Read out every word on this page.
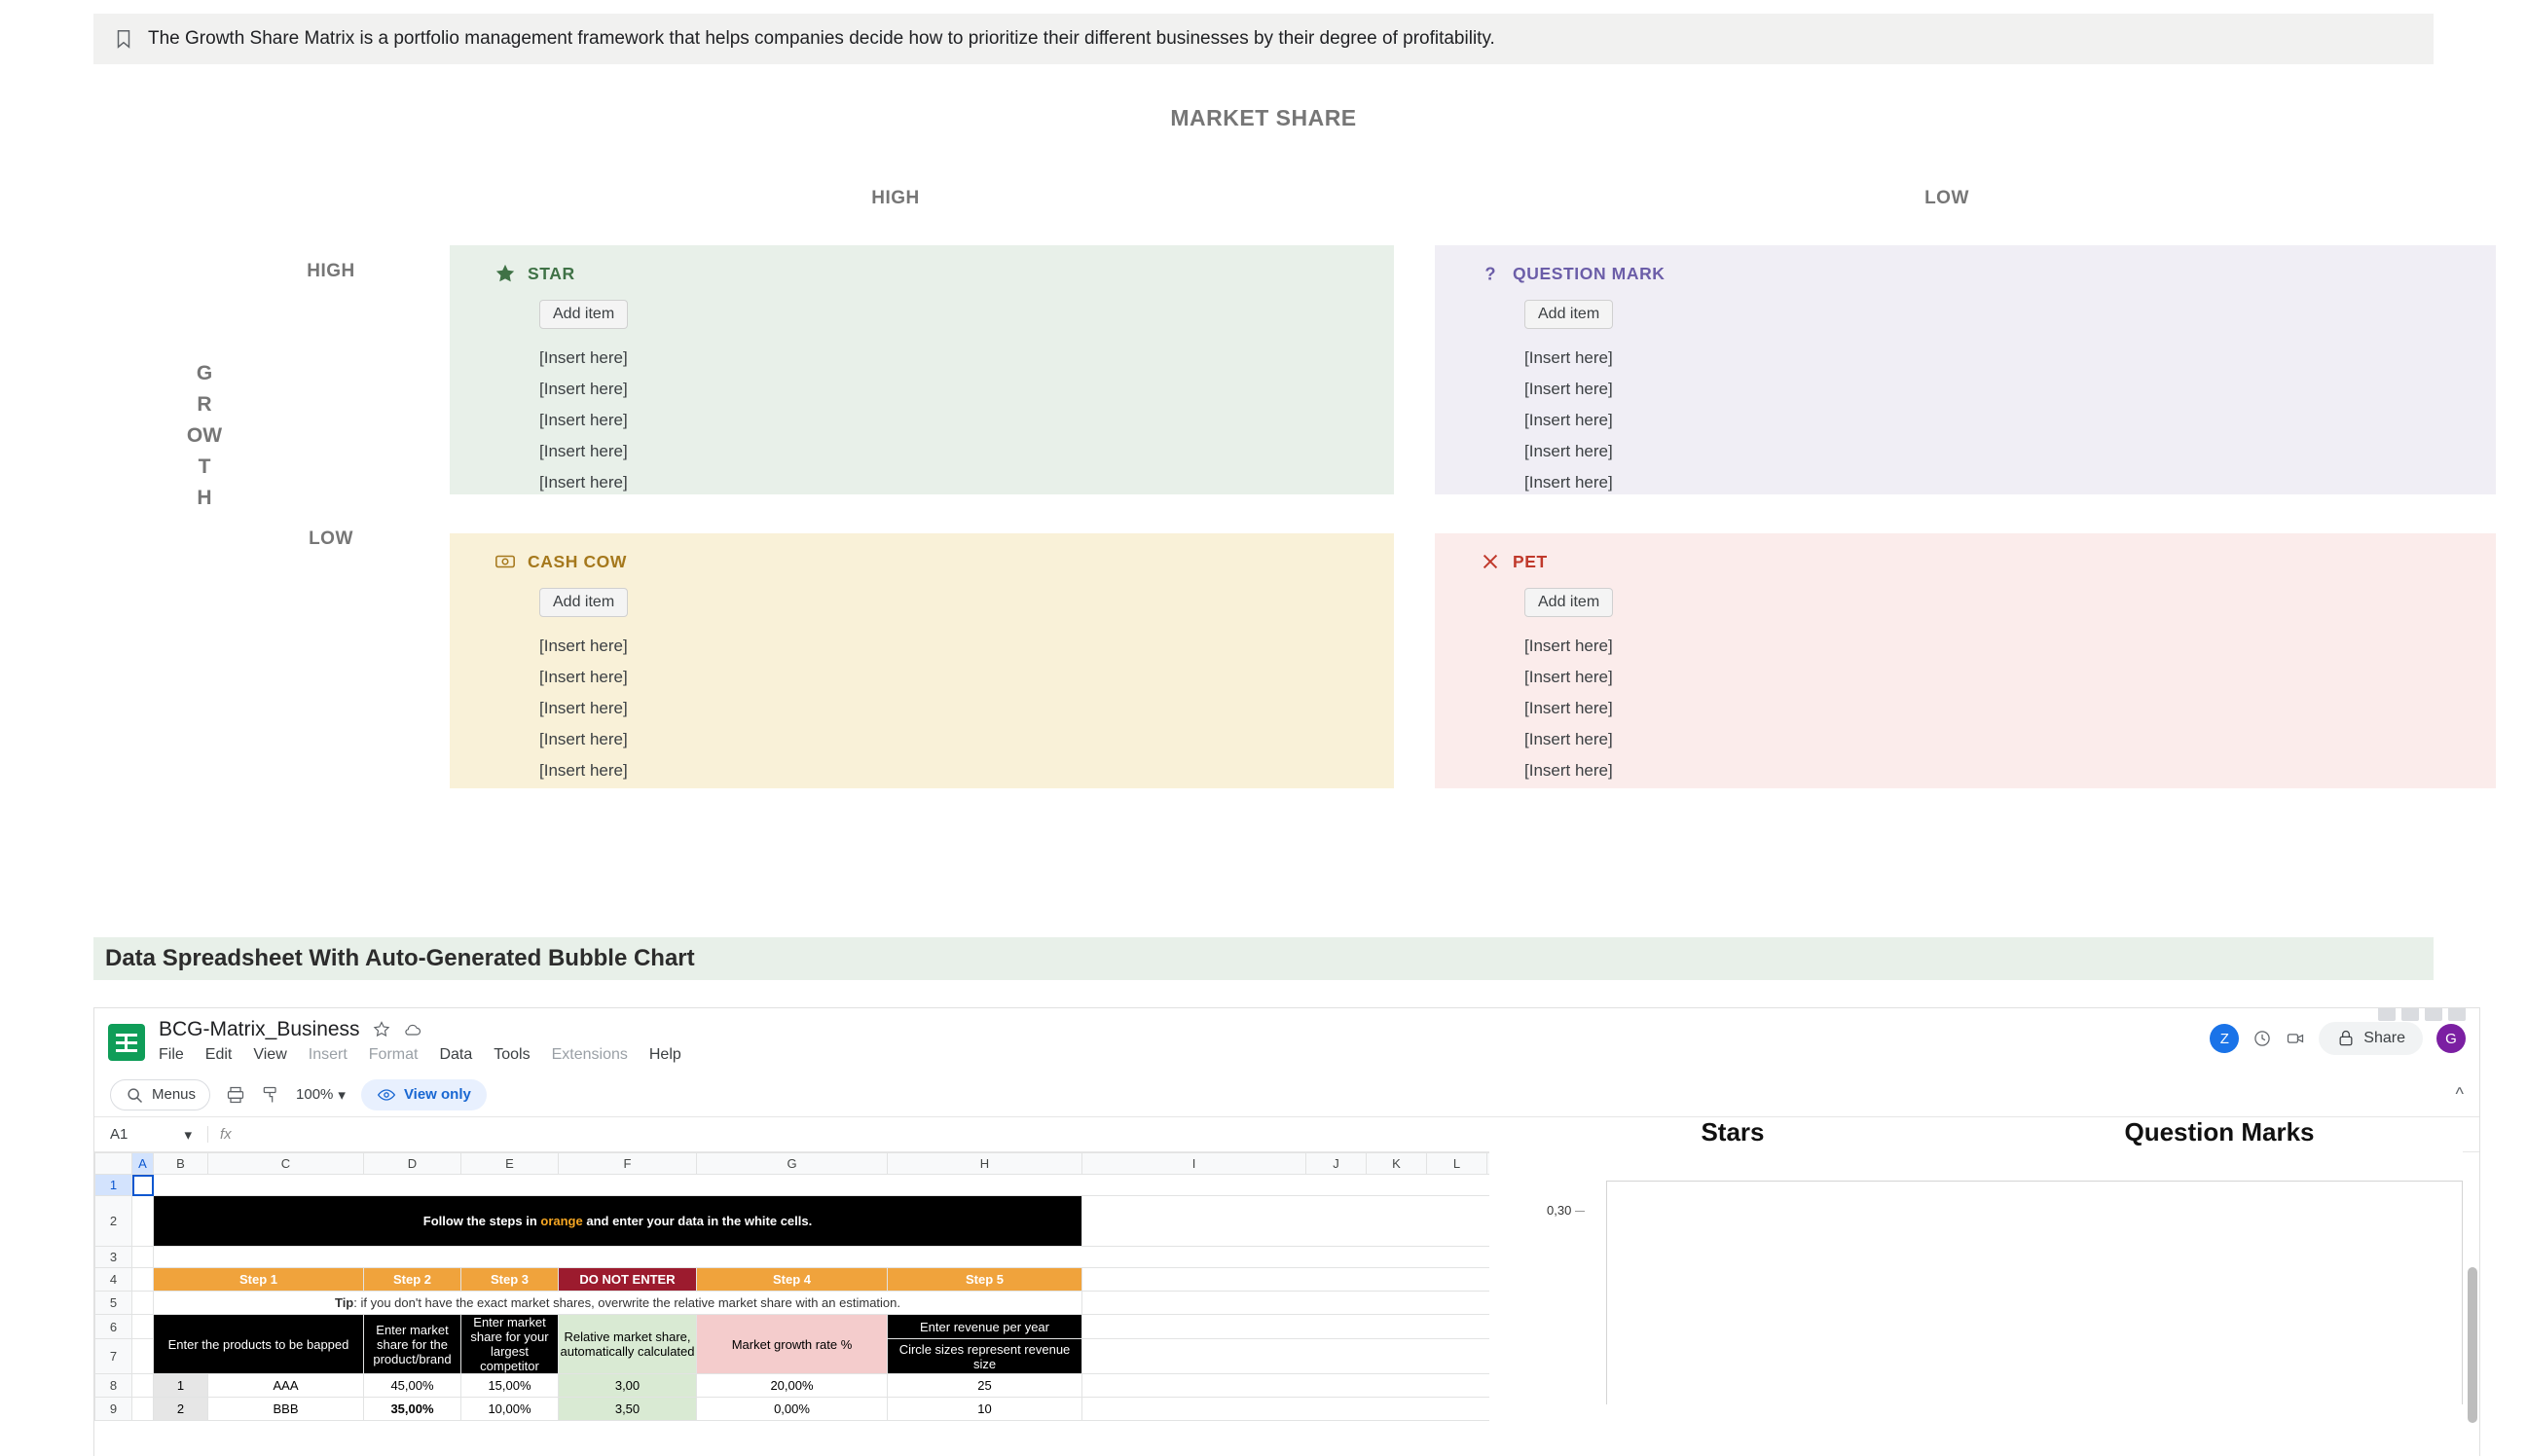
The Growth Share Matrix is a portfolio management framework that helps companies decide how to prioritize their different businesses by their degree of profitability.
MARKET SHARE
HIGH	LOW
HIGH
LOW
G
R
OW
T
H
STAR
Add item
[Insert here]
[Insert here]
[Insert here]
[Insert here]
[Insert here]
? QUESTION MARK
Add item
[Insert here]
[Insert here]
[Insert here]
[Insert here]
[Insert here]
CASH COW
Add item
[Insert here]
[Insert here]
[Insert here]
[Insert here]
[Insert here]
PET
Add item
[Insert here]
[Insert here]
[Insert here]
[Insert here]
[Insert here]
Data Spreadsheet With Auto-Generated Bubble Chart
BCG-Matrix_Business
File Edit View Insert Format Data Tools Extensions Help
Z	Share	G
Menus	100% ▾	View only	^
A1	▾	fx
	A	B	C	D	E	F	G	H	I	J	K	L														
1																										
2		Follow the steps in orange and enter your data in the white cells.																								
3																										
4		Step 1		Step 2	Step 3	DO NOT ENTER	Step 4	Step 5																		
5		Tip: if you don't have the exact market shares, overwrite the relative market share with an estimation.																								
6		Enter the products to be bapped		Enter market share for the product/brand	Enter market share for your largest competitor	Relative market share, automatically calculated	Market growth rate %	Enter revenue per year																		
7								Circle sizes represent revenue size																		
8		1	AAA	45,00%	15,00%	3,00	20,00%	25																		
9		2	BBB	35,00%	10,00%	3,50	0,00%	10																		
Stars	Question Marks
0,30
